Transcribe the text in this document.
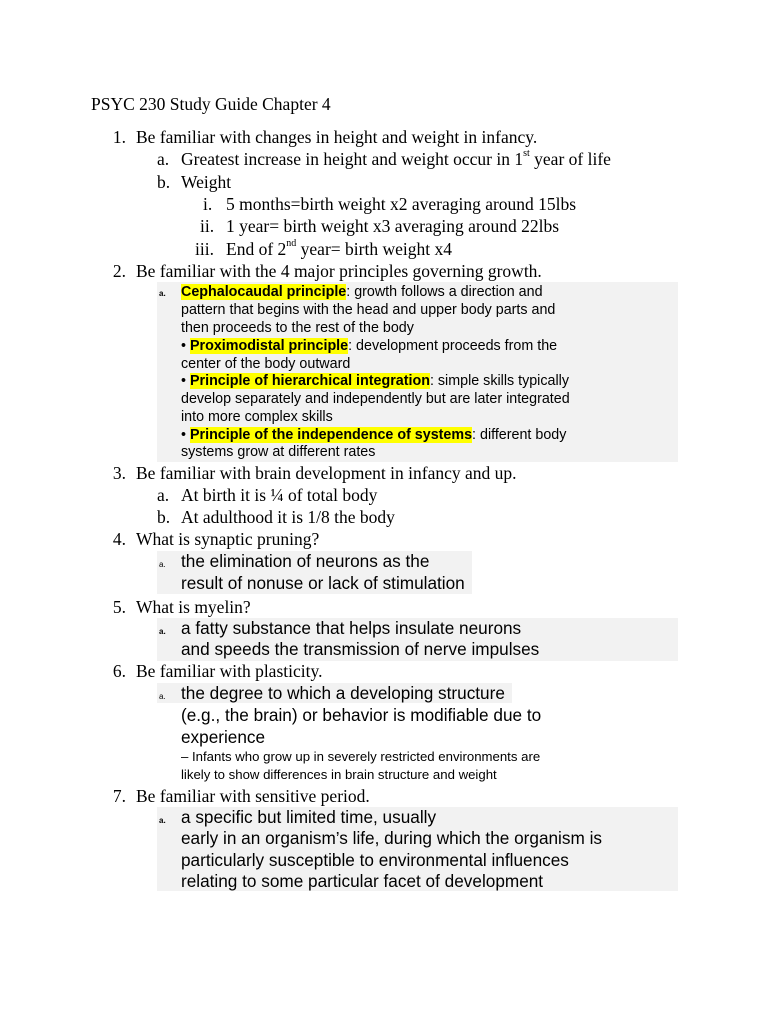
PSYC 230 Study Guide Chapter 4
1. Be familiar with changes in height and weight in infancy.
a. Greatest increase in height and weight occur in 1st year of life
b. Weight
i. 5 months=birth weight x2 averaging around 15lbs
ii. 1 year= birth weight x3 averaging around 22lbs
iii. End of 2nd year= birth weight x4
2. Be familiar with the 4 major principles governing growth.
a. Cephalocaudal principle: growth follows a direction and
pattern that begins with the head and upper body parts and
then proceeds to the rest of the body
• Proximodistal principle: development proceeds from the
center of the body outward
• Principle of hierarchical integration: simple skills typically
develop separately and independently but are later integrated
into more complex skills
• Principle of the independence of systems: different body
systems grow at different rates
3. Be familiar with brain development in infancy and up.
a. At birth it is ¼ of total body
b. At adulthood it is 1/8 the body
4. What is synaptic pruning?
a. the elimination of neurons as the
result of nonuse or lack of stimulation
5. What is myelin?
a. a fatty substance that helps insulate neurons
and speeds the transmission of nerve impulses
6. Be familiar with plasticity.
a. the degree to which a developing structure
(e.g., the brain) or behavior is modifiable due to
experience
– Infants who grow up in severely restricted environments are
likely to show differences in brain structure and weight
7. Be familiar with sensitive period.
a. a specific but limited time, usually
early in an organism’s life, during which the organism is
particularly susceptible to environmental influences
relating to some particular facet of development
